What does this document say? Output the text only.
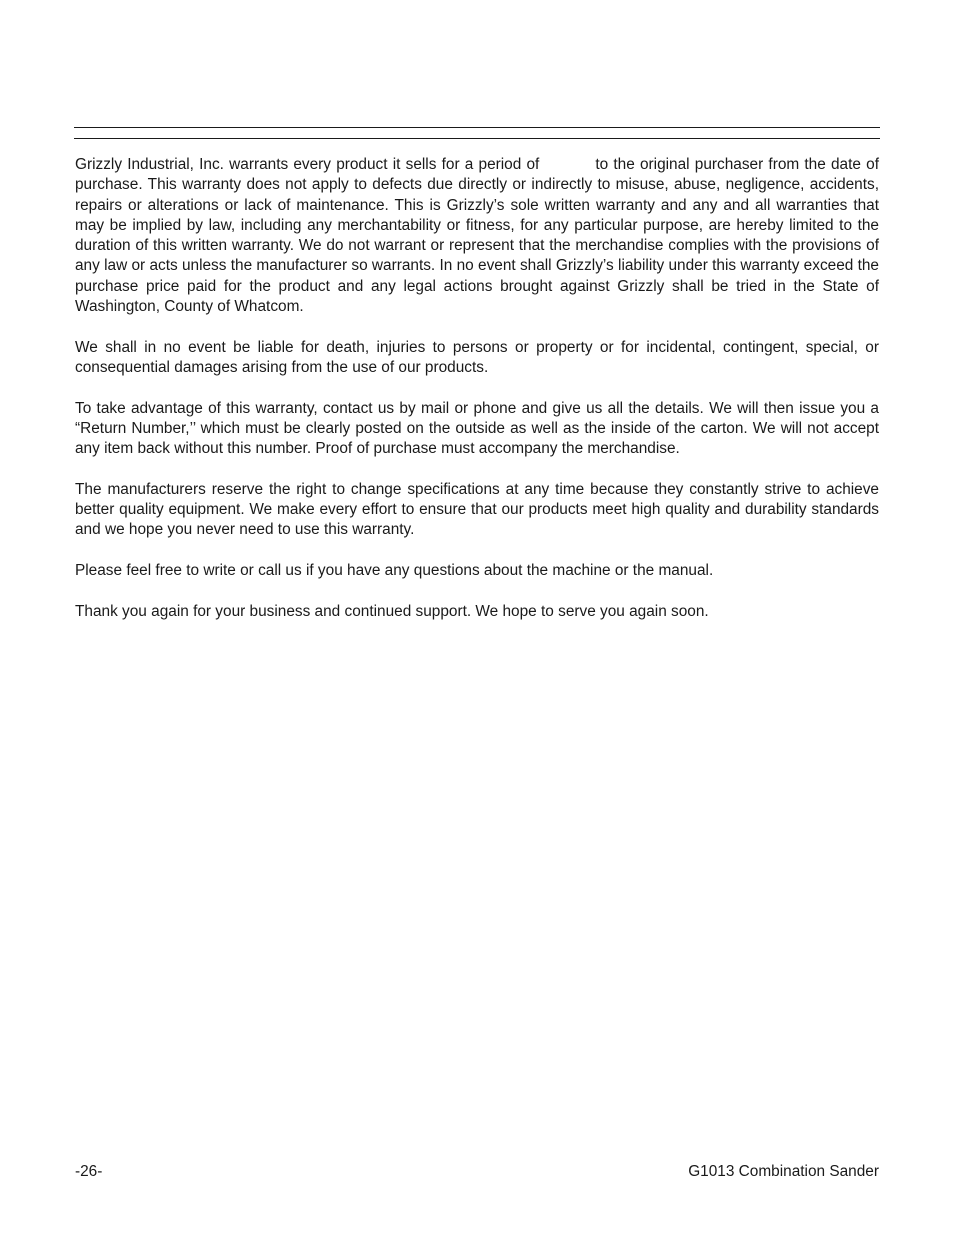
Grizzly Industrial, Inc. warrants every product it sells for a period of	to the original purchaser from the date of purchase. This warranty does not apply to defects due directly or indirectly to misuse, abuse, negligence, accidents, repairs or alterations or lack of maintenance. This is Grizzly’s sole written warranty and any and all warranties that may be implied by law, including any merchantability or fitness, for any particular purpose, are hereby limited to the duration of this written warranty. We do not warrant or represent that the merchandise complies with the provisions of any law or acts unless the manufacturer so warrants. In no event shall Grizzly’s liability under this warranty exceed the purchase price paid for the product and any legal actions brought against Grizzly shall be tried in the State of Washington, County of Whatcom.

We shall in no event be liable for death, injuries to persons or property or for incidental, contingent, special, or consequential damages arising from the use of our products.

To take advantage of this warranty, contact us by mail or phone and give us all the details. We will then issue you a “Return Number,’’ which must be clearly posted on the outside as well as the inside of the carton. We will not accept any item back without this number. Proof of purchase must accompany the merchandise.

The manufacturers reserve the right to change specifications at any time because they constantly strive to achieve better quality equipment. We make every effort to ensure that our products meet high quality and durability standards and we hope you never need to use this warranty.

Please feel free to write or call us if you have any questions about the machine or the manual.

Thank you again for your business and continued support. We hope to serve you again soon.

-26-	G1013 Combination Sander
